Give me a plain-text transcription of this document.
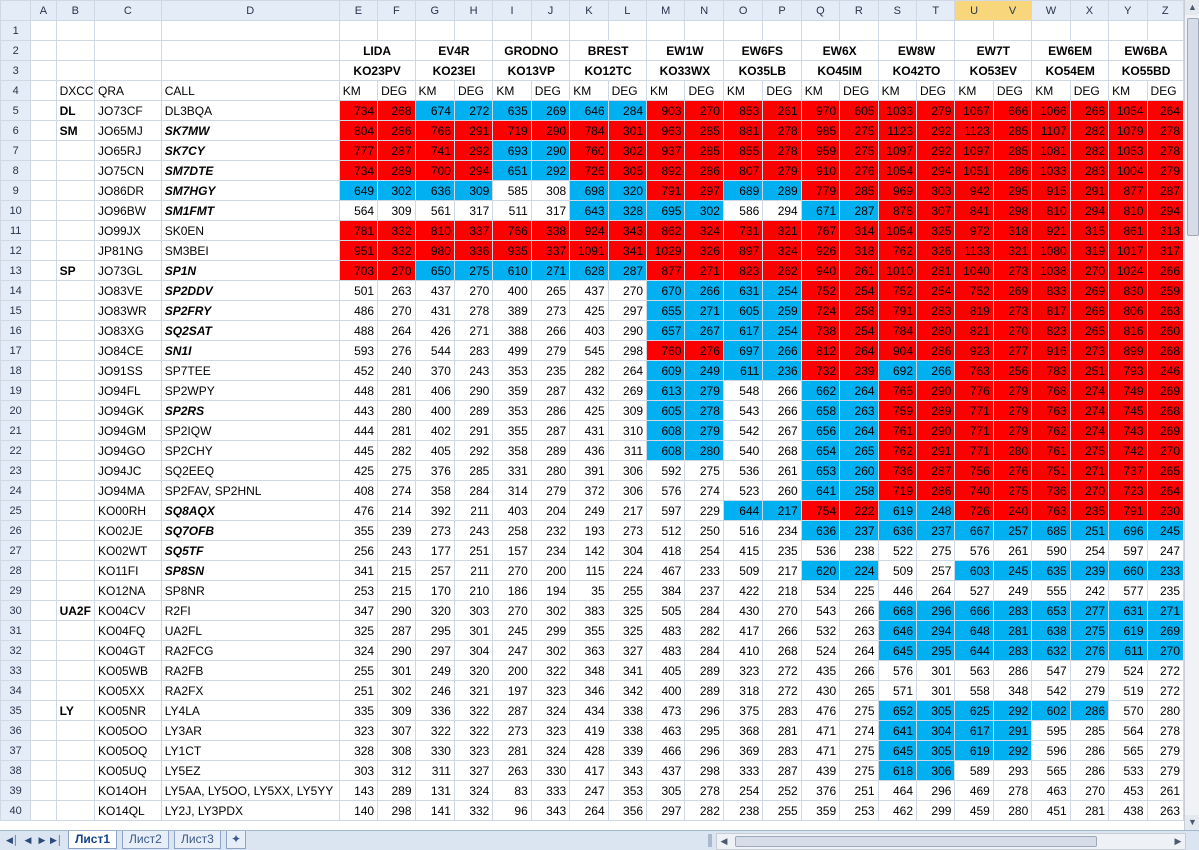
	A	B	C	D	E	F	G	H	I	J	K	L	M	N	O	P	Q	R	S	T	U	V	W	X	Y	Z
1																										
2					LIDA		EV4R		GRODNO		BREST		EW1W		EW6FS		EW6X		EW8W		EW7T		EW6EM		EW6BA	
3					KO23PV		KO23EI		KO13VP		KO12TC		KO33WX		KO35LB		KO45IM		KO42TO		KO53EV		KO54EM		KO55BD	
4		DXCC	QRA	CALL	KM	DEG	KM	DEG	KM	DEG	KM	DEG	KM	DEG	KM	DEG	KM	DEG	KM	DEG	KM	DEG	KM	DEG	KM	DEG
5		DL	JO73CF	DL3BQA	734	268	674	272	635	269	646	284	903	270	853	261	970	605	1033	279	1067	666	1066	268	1054	264
6		SM	JO65MJ	SK7MW	804	286	766	291	719	290	784	301	963	285	881	278	985	275	1123	292	1123	285	1107	282	1079	278
7			JO65RJ	SK7CY	777	287	741	292	693	290	760	302	937	285	855	278	959	275	1097	292	1097	285	1081	282	1053	278
8			JO75CN	SM7DTE	734	289	700	294	651	292	726	305	892	286	807	279	910	276	1054	294	1051	286	1033	283	1004	279
9			JO86DR	SM7HGY	649	302	636	309	585	308	698	320	791	297	689	289	779	285	969	303	942	295	915	291	877	287
10			JO96BW	SM1FMT	564	309	561	317	511	317	643	328	695	302	586	294	671	287	878	307	841	298	810	294	810	294
11			JO99JX	SK0EN	781	332	810	337	766	338	924	343	862	324	731	321	767	314	1054	325	972	318	921	315	861	313
12			JP81NG	SM3BEI	951	332	980	336	935	337	1091	341	1029	326	897	324	926	318	762	326	1133	321	1080	319	1017	317
13		SP	JO73GL	SP1N	703	270	650	275	610	271	628	287	877	271	823	262	940	261	1010	281	1040	273	1038	270	1024	266
14			JO83VE	SP2DDV	501	263	437	270	400	265	437	270	670	266	631	254	752	254	752	254	752	269	833	269	830	259
15			JO83WR	SP2FRY	486	270	431	278	389	273	425	297	655	271	605	259	724	258	791	283	819	273	817	268	806	263
16			JO83XG	SQ2SAT	488	264	426	271	388	266	403	290	657	267	617	254	738	254	784	280	821	270	823	265	816	260
17			JO84CE	SN1I	593	276	544	283	499	279	545	298	760	276	697	266	812	264	904	286	923	277	916	273	899	268
18			JO91SS	SP7TEE	452	240	370	243	353	235	282	264	609	249	611	236	732	239	692	266	763	256	783	251	793	246
19			JO94FL	SP2WPY	448	281	406	290	359	287	432	269	613	279	548	266	662	264	765	290	776	279	768	274	749	269
20			JO94GK	SP2RS	443	280	400	289	353	286	425	309	605	278	543	266	658	263	759	289	771	279	763	274	745	268
21			JO94GM	SP2IQW	444	281	402	291	355	287	431	310	608	279	542	267	656	264	761	290	771	279	762	274	743	269
22			JO94GO	SP2CHY	445	282	405	292	358	289	436	311	608	280	540	268	654	265	762	291	771	280	761	275	742	270
23			JO94JC	SQ2EEQ	425	275	376	285	331	280	391	306	592	275	536	261	653	260	736	287	756	276	751	271	737	265
24			JO94MA	SP2FAV, SP2HNL	408	274	358	284	314	279	372	306	576	274	523	260	641	258	719	286	740	275	736	270	723	264
25			KO00RH	SQ8AQX	476	214	392	211	403	204	249	217	597	229	644	217	754	222	619	248	726	240	763	235	791	230
26			KO02JE	SQ7OFB	355	239	273	243	258	232	193	273	512	250	516	234	636	237	636	237	667	257	685	251	696	245
27			KO02WT	SQ5TF	256	243	177	251	157	234	142	304	418	254	415	235	536	238	522	275	576	261	590	254	597	247
28			KO11FI	SP8SN	341	215	257	211	270	200	115	224	467	233	509	217	620	224	509	257	603	245	635	239	660	233
29			KO12NA	SP8NR	253	215	170	210	186	194	35	255	384	237	422	218	534	225	446	264	527	249	555	242	577	235
30		UA2F	KO04CV	R2FI	347	290	320	303	270	302	383	325	505	284	430	270	543	266	668	296	666	283	653	277	631	271
31			KO04FQ	UA2FL	325	287	295	301	245	299	355	325	483	282	417	266	532	263	646	294	648	281	638	275	619	269
32			KO04GT	RA2FCG	324	290	297	304	247	302	363	327	483	284	410	268	524	264	645	295	644	283	632	276	611	270
33			KO05WB	RA2FB	255	301	249	320	200	322	348	341	405	289	323	272	435	266	576	301	563	286	547	279	524	272
34			KO05XX	RA2FX	251	302	246	321	197	323	346	342	400	289	318	272	430	265	571	301	558	348	542	279	519	272
35		LY	KO05NR	LY4LA	335	309	336	322	287	324	434	338	473	296	375	283	476	275	652	305	625	292	602	286	570	280
36			KO05OO	LY3AR	323	307	322	322	273	323	419	338	463	295	368	281	471	274	641	304	617	291	595	285	564	278
37			KO05OQ	LY1CT	328	308	330	323	281	324	428	339	466	296	369	283	471	275	645	305	619	292	596	286	565	279
38			KO05UQ	LY5EZ	303	312	311	327	263	330	417	343	437	298	333	287	439	275	618	306	589	293	565	286	533	279
39			KO14OH	LY5AA, LY5OO, LY5XX, LY5YY	143	289	131	324	83	333	247	353	305	278	254	252	376	251	464	296	469	278	463	270	453	261
40			KO14QL	LY2J, LY3PDX	140	298	141	332	96	343	264	356	297	282	238	255	359	253	462	299	459	280	451	281	438	263
▲
▼
◀│ ◀ ▶ ▶│	Лист1	Лист2	Лист3	✦	◀	▶
